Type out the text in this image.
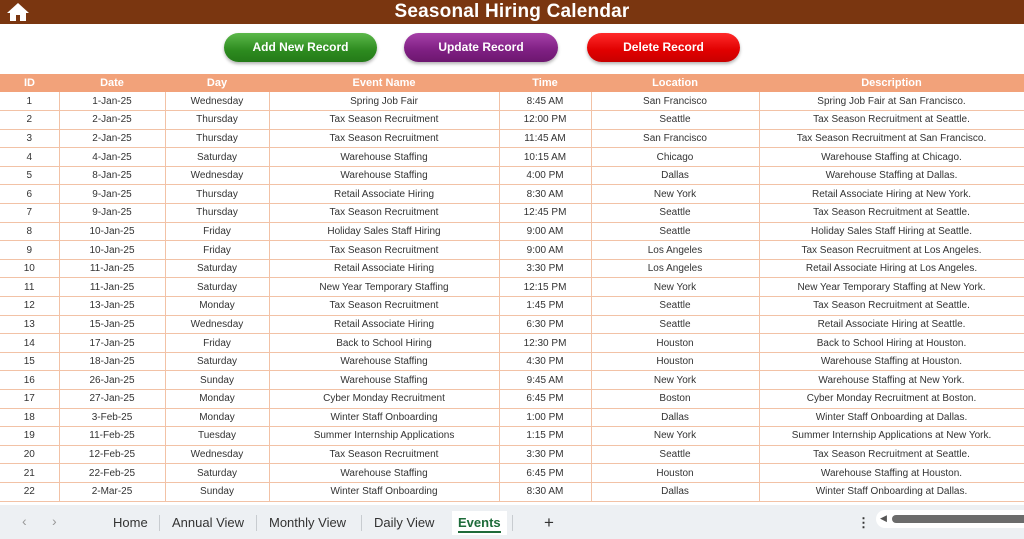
Seasonal Hiring Calendar
Add New Record	Update Record	Delete Record
ID	Date	Day	Event Name	Time	Location	Description
1	1-Jan-25	Wednesday	Spring Job Fair	8:45 AM	San Francisco	Spring Job Fair at San Francisco.
2	2-Jan-25	Thursday	Tax Season Recruitment	12:00 PM	Seattle	Tax Season Recruitment at Seattle.
3	2-Jan-25	Thursday	Tax Season Recruitment	11:45 AM	San Francisco	Tax Season Recruitment at San Francisco.
4	4-Jan-25	Saturday	Warehouse Staffing	10:15 AM	Chicago	Warehouse Staffing at Chicago.
5	8-Jan-25	Wednesday	Warehouse Staffing	4:00 PM	Dallas	Warehouse Staffing at Dallas.
6	9-Jan-25	Thursday	Retail Associate Hiring	8:30 AM	New York	Retail Associate Hiring at New York.
7	9-Jan-25	Thursday	Tax Season Recruitment	12:45 PM	Seattle	Tax Season Recruitment at Seattle.
8	10-Jan-25	Friday	Holiday Sales Staff Hiring	9:00 AM	Seattle	Holiday Sales Staff Hiring at Seattle.
9	10-Jan-25	Friday	Tax Season Recruitment	9:00 AM	Los Angeles	Tax Season Recruitment at Los Angeles.
10	11-Jan-25	Saturday	Retail Associate Hiring	3:30 PM	Los Angeles	Retail Associate Hiring at Los Angeles.
11	11-Jan-25	Saturday	New Year Temporary Staffing	12:15 PM	New York	New Year Temporary Staffing at New York.
12	13-Jan-25	Monday	Tax Season Recruitment	1:45 PM	Seattle	Tax Season Recruitment at Seattle.
13	15-Jan-25	Wednesday	Retail Associate Hiring	6:30 PM	Seattle	Retail Associate Hiring at Seattle.
14	17-Jan-25	Friday	Back to School Hiring	12:30 PM	Houston	Back to School Hiring at Houston.
15	18-Jan-25	Saturday	Warehouse Staffing	4:30 PM	Houston	Warehouse Staffing at Houston.
16	26-Jan-25	Sunday	Warehouse Staffing	9:45 AM	New York	Warehouse Staffing at New York.
17	27-Jan-25	Monday	Cyber Monday Recruitment	6:45 PM	Boston	Cyber Monday Recruitment at Boston.
18	3-Feb-25	Monday	Winter Staff Onboarding	1:00 PM	Dallas	Winter Staff Onboarding at Dallas.
19	11-Feb-25	Tuesday	Summer Internship Applications	1:15 PM	New York	Summer Internship Applications at New York.
20	12-Feb-25	Wednesday	Tax Season Recruitment	3:30 PM	Seattle	Tax Season Recruitment at Seattle.
21	22-Feb-25	Saturday	Warehouse Staffing	6:45 PM	Houston	Warehouse Staffing at Houston.
22	2-Mar-25	Sunday	Winter Staff Onboarding	8:30 AM	Dallas	Winter Staff Onboarding at Dallas.
‹ ›	Home Annual View Monthly View Daily View	Events	+	⋮ ◀
